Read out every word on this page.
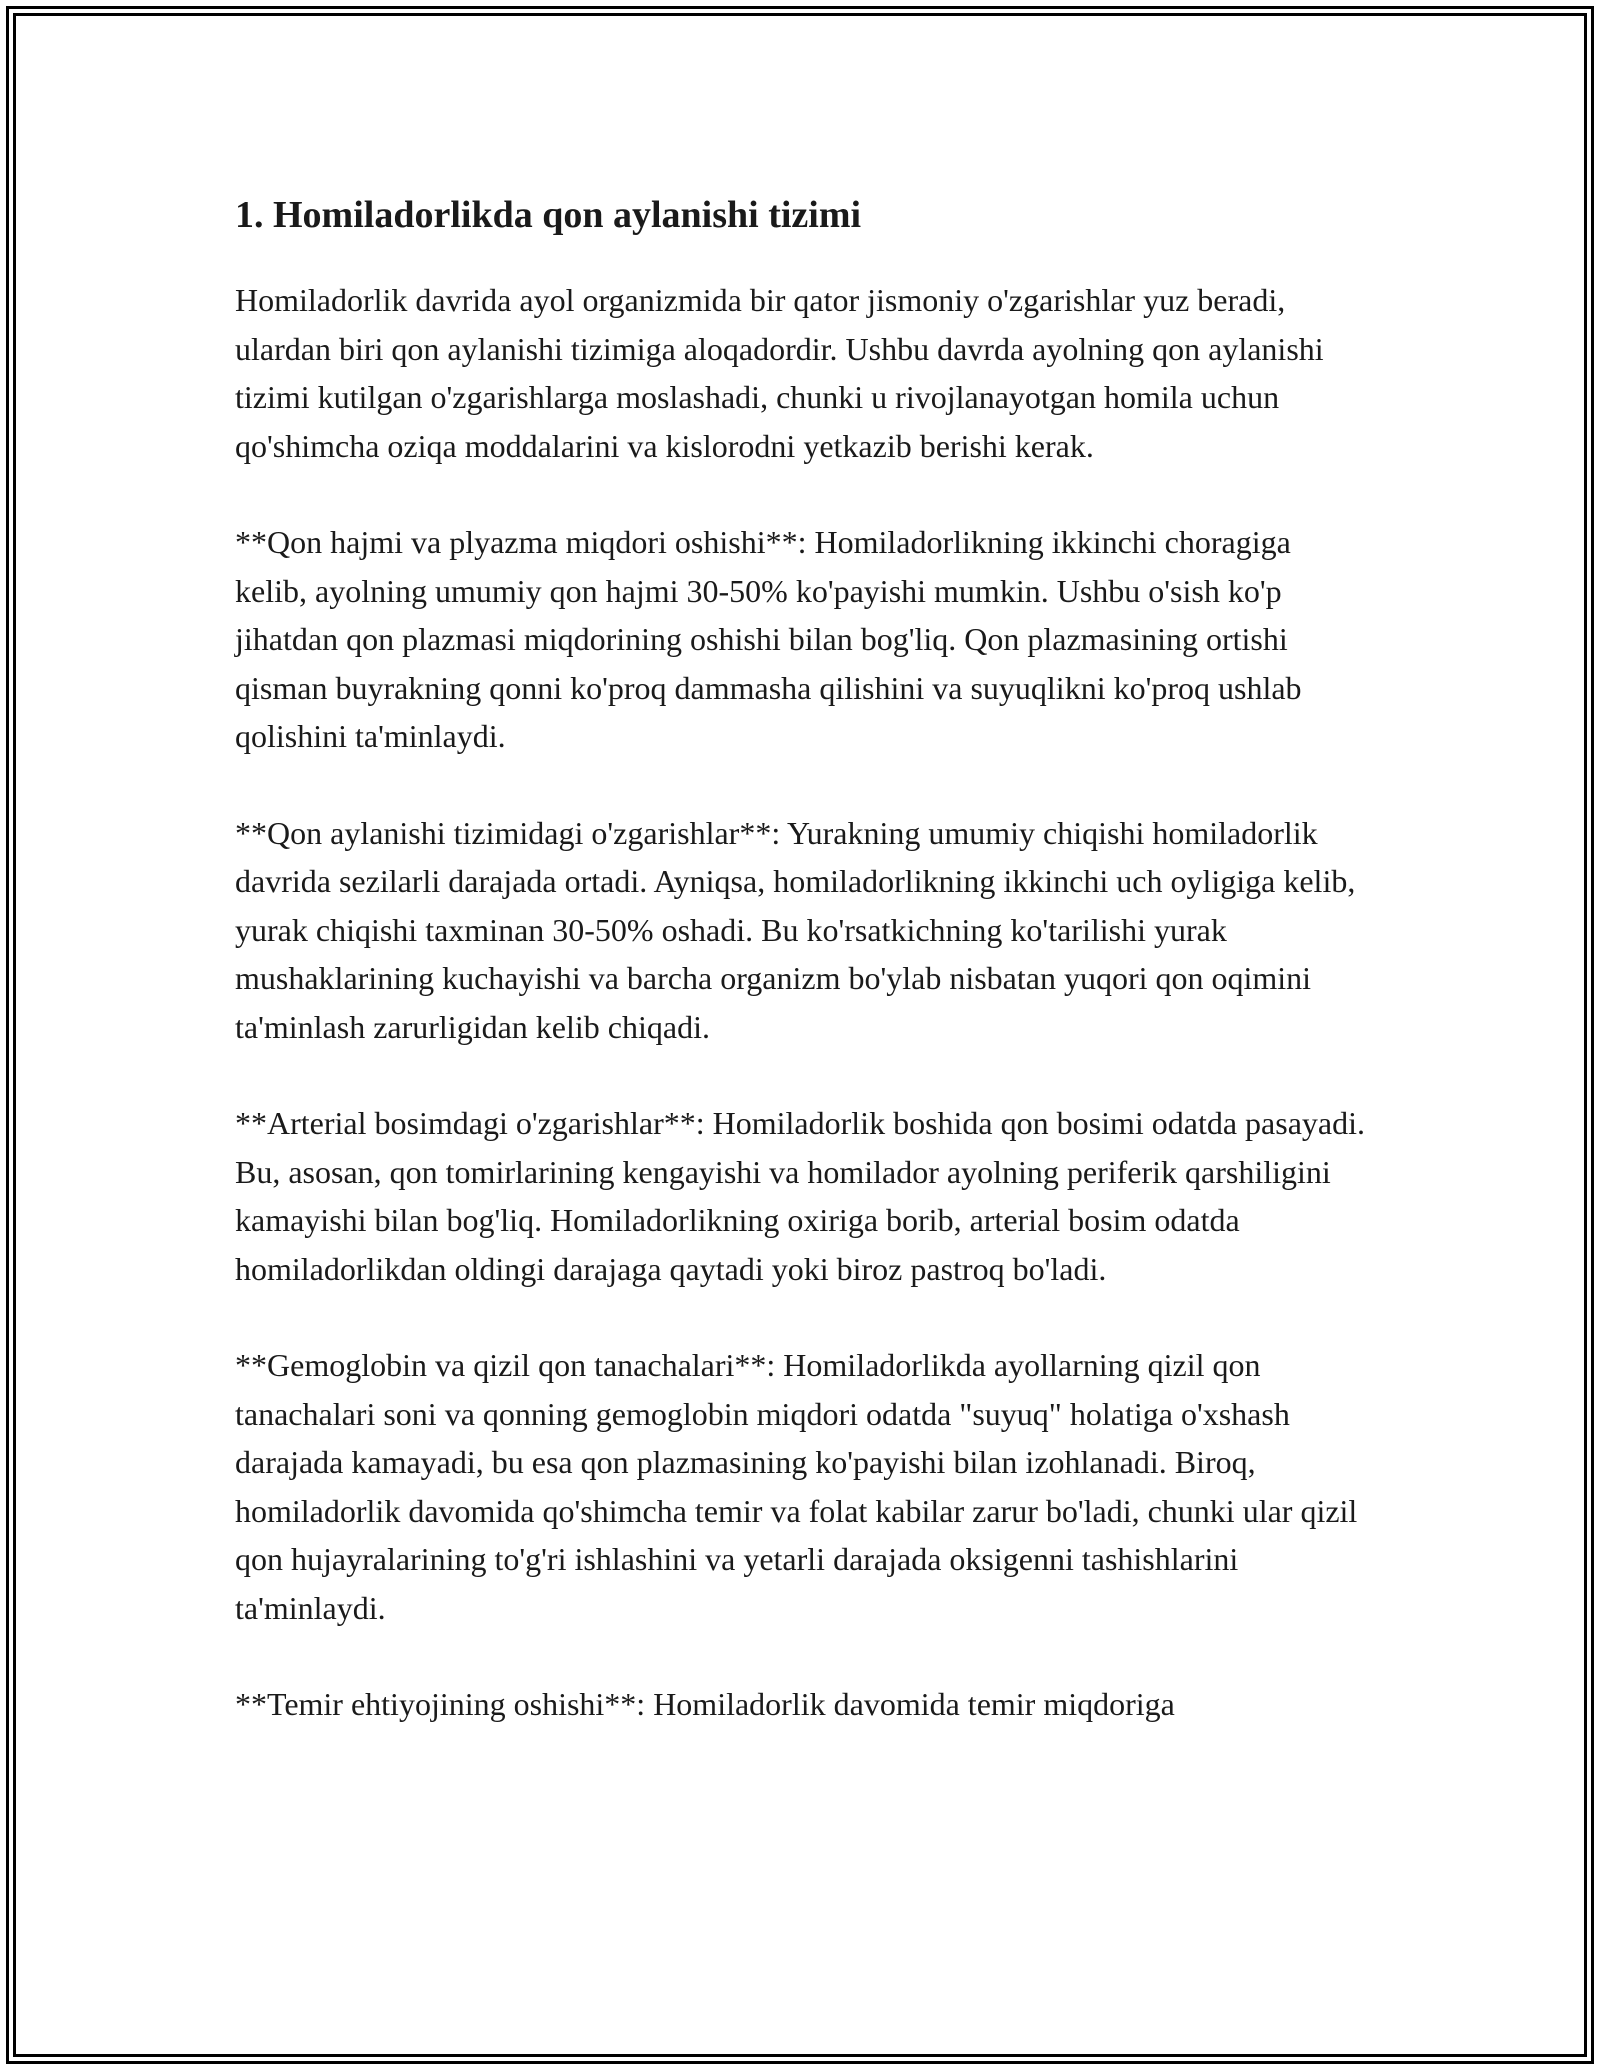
1. Homiladorlikda qon aylanishi tizimi

Homiladorlik davrida ayol organizmida bir qator jismoniy o'zgarishlar yuz beradi, ulardan biri qon aylanishi tizimiga aloqadordir. Ushbu davrda ayolning qon aylanishi tizimi kutilgan o'zgarishlarga moslashadi, chunki u rivojlanayotgan homila uchun qo'shimcha oziqa moddalarini va kislorodni yetkazib berishi kerak.

**Qon hajmi va plyazma miqdori oshishi**: Homiladorlikning ikkinchi choragiga kelib, ayolning umumiy qon hajmi 30-50% ko'payishi mumkin. Ushbu o'sish ko'p jihatdan qon plazmasi miqdorining oshishi bilan bog'liq. Qon plazmasining ortishi qisman buyrakning qonni ko'proq dammasha qilishini va suyuqlikni ko'proq ushlab qolishini ta'minlaydi.

**Qon aylanishi tizimidagi o'zgarishlar**: Yurakning umumiy chiqishi homiladorlik davrida sezilarli darajada ortadi. Ayniqsa, homiladorlikning ikkinchi uch oyligiga kelib, yurak chiqishi taxminan 30-50% oshadi. Bu ko'rsatkichning ko'tarilishi yurak mushaklarining kuchayishi va barcha organizm bo'ylab nisbatan yuqori qon oqimini ta'minlash zarurligidan kelib chiqadi.

**Arterial bosimdagi o'zgarishlar**: Homiladorlik boshida qon bosimi odatda pasayadi. Bu, asosan, qon tomirlarining kengayishi va homilador ayolning periferik qarshiligini kamayishi bilan bog'liq. Homiladorlikning oxiriga borib, arterial bosim odatda homiladorlikdan oldingi darajaga qaytadi yoki biroz pastroq bo'ladi.

**Gemoglobin va qizil qon tanachalari**: Homiladorlikda ayollarning qizil qon tanachalari soni va qonning gemoglobin miqdori odatda "suyuq" holatiga o'xshash darajada kamayadi, bu esa qon plazmasining ko'payishi bilan izohlanadi. Biroq, homiladorlik davomida qo'shimcha temir va folat kabilar zarur bo'ladi, chunki ular qizil qon hujayralarining to'g'ri ishlashini va yetarli darajada oksigenni tashishlarini ta'minlaydi.

**Temir ehtiyojining oshishi**: Homiladorlik davomida temir miqdoriga
